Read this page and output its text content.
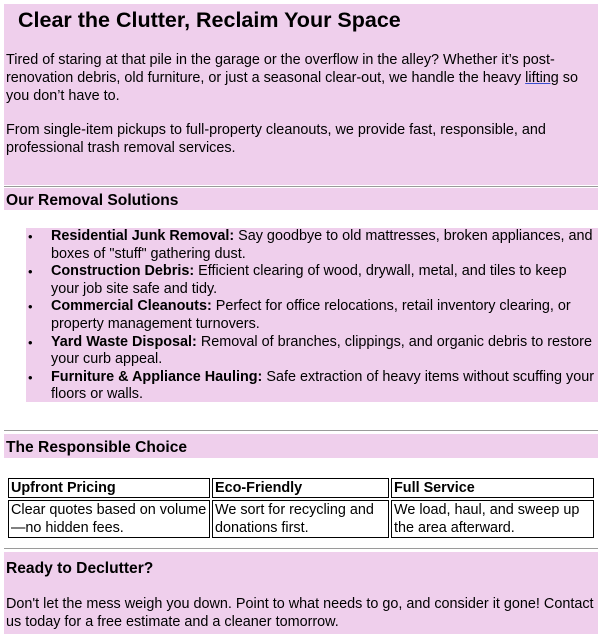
Clear the Clutter, Reclaim Your Space

Tired of staring at that pile in the garage or the overflow in the alley? Whether it’s post-renovation debris, old furniture, or just a seasonal clear-out, we handle the heavy lifting so you don’t have to.

From single-item pickups to full-property cleanouts, we provide fast, responsible, and professional trash removal services.

Our Removal Solutions
• Residential Junk Removal: Say goodbye to old mattresses, broken appliances, and boxes of "stuff" gathering dust.
• Construction Debris: Efficient clearing of wood, drywall, metal, and tiles to keep your job site safe and tidy.
• Commercial Cleanouts: Perfect for office relocations, retail inventory clearing, or property management turnovers.
• Yard Waste Disposal: Removal of branches, clippings, and organic debris to restore your curb appeal.
• Furniture & Appliance Hauling: Safe extraction of heavy items without scuffing your floors or walls.
The Responsible Choice
Upfront Pricing	Eco-Friendly	Full Service
Clear quotes based on volume—no hidden fees.	We sort for recycling and donations first.	We load, haul, and sweep up the area afterward.
Ready to Declutter?

Don't let the mess weigh you down. Point to what needs to go, and consider it gone! Contact us today for a free estimate and a cleaner tomorrow.
